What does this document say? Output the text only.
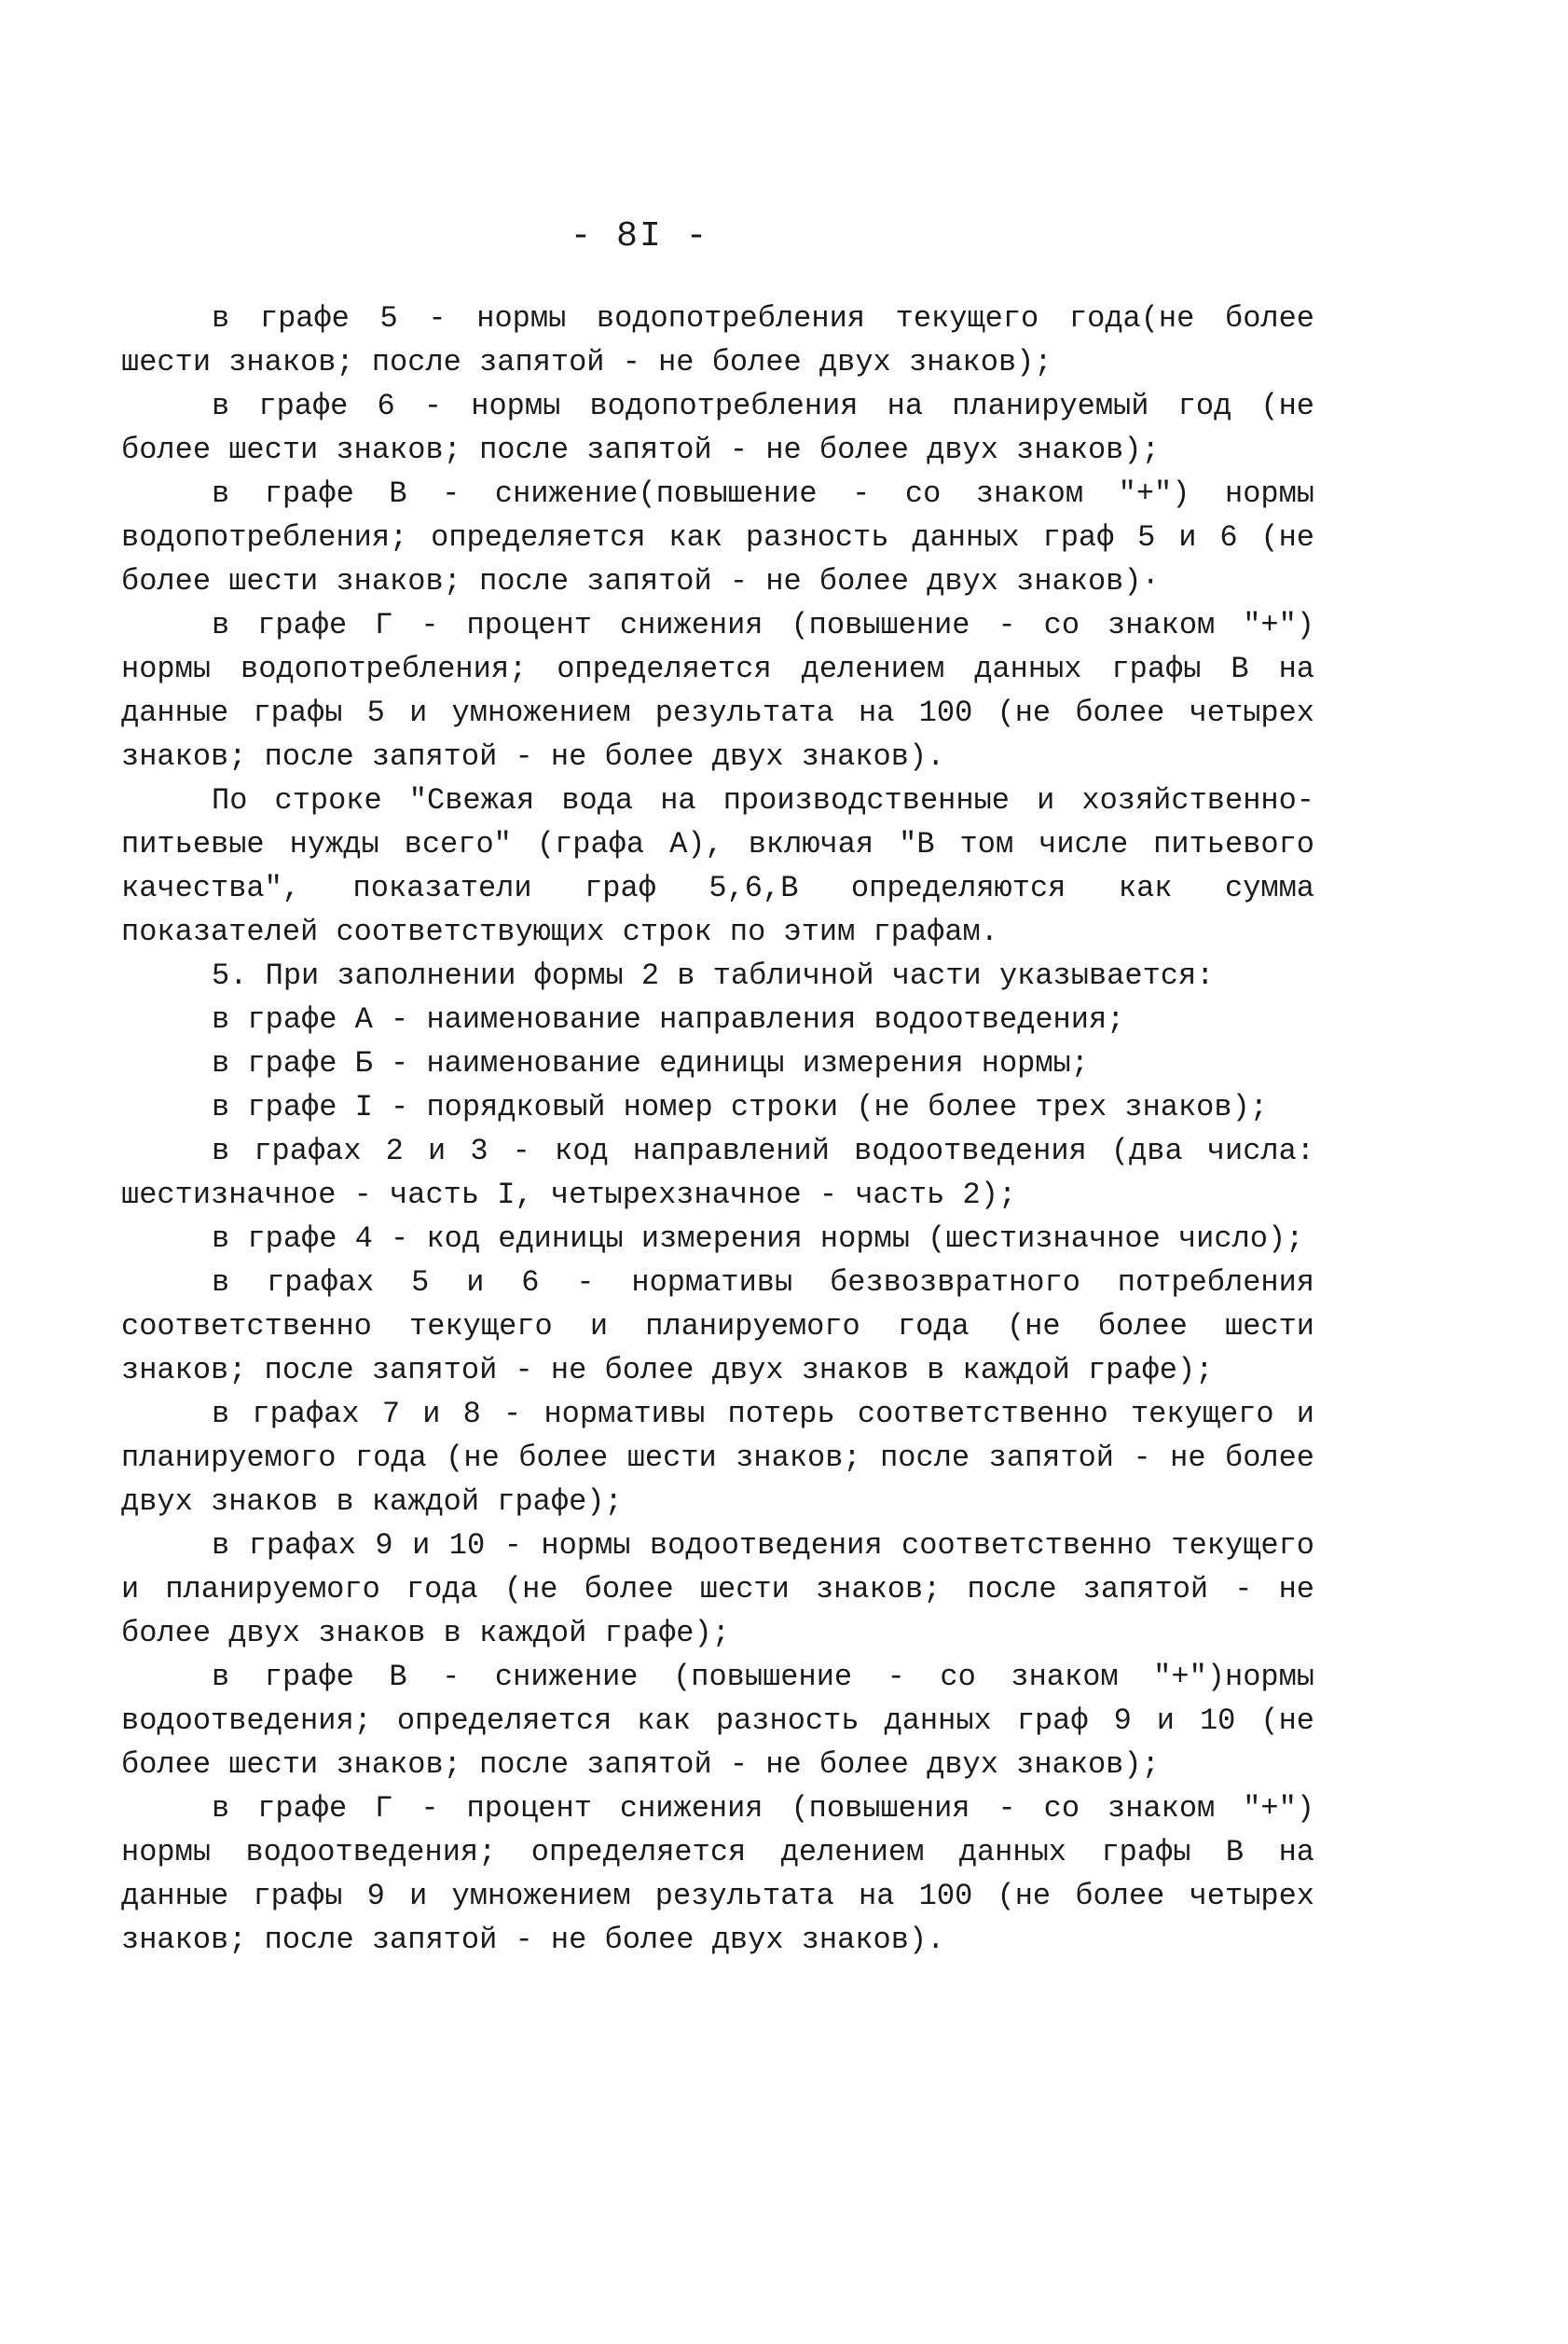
- 8I -

в графе 5 - нормы водопотребления текущего года(не более шести знаков; после запятой - не более двух знаков);

в графе 6 - нормы водопотребления на планируемый год (не более шести знаков; после запятой - не более двух знаков);

в графе В - снижение(повышение - со знаком "+") нормы водопотребления; определяется как разность данных граф 5 и 6 (не более шести знаков; после запятой - не более двух знаков)·

в графе Г - процент снижения (повышение - со знаком "+") нормы водопотребления; определяется делением данных графы В на данные графы 5 и умножением результата на 100 (не более четырех знаков; после запятой - не более двух знаков).

По строке "Свежая вода на производственные и хозяйственно-питьевые нужды всего" (графа А), включая "В том числе питьевого качества", показатели граф 5,6,В определяются как сумма показателей соответствующих строк по этим графам.

5. При заполнении формы 2 в табличной части указывается:

в графе А - наименование направления водоотведения;

в графе Б - наименование единицы измерения нормы;

в графе I - порядковый номер строки (не более трех знаков);

в графах 2 и 3 - код направлений водоотведения (два числа: шестизначное - часть I, четырехзначное - часть 2);

в графе 4 - код единицы измерения нормы (шестизначное число);

в графах 5 и 6 - нормативы безвозвратного потребления соответственно текущего и планируемого года (не более шести знаков; после запятой - не более двух знаков в каждой графе);

в графах 7 и 8 - нормативы потерь соответственно текущего и планируемого года (не более шести знаков; после запятой - не более двух знаков в каждой графе);

в графах 9 и 10 - нормы водоотведения соответственно текущего и планируемого года (не более шести знаков; после запятой - не более двух знаков в каждой графе);

в графе В - снижение (повышение - со знаком "+")нормы водоотведения; определяется как разность данных граф 9 и 10 (не более шести знаков; после запятой - не более двух знаков);

в графе Г - процент снижения (повышения - со знаком "+") нормы водоотведения; определяется делением данных графы В на данные графы 9 и умножением результата на 100 (не более четырех знаков; после запятой - не более двух знаков).
